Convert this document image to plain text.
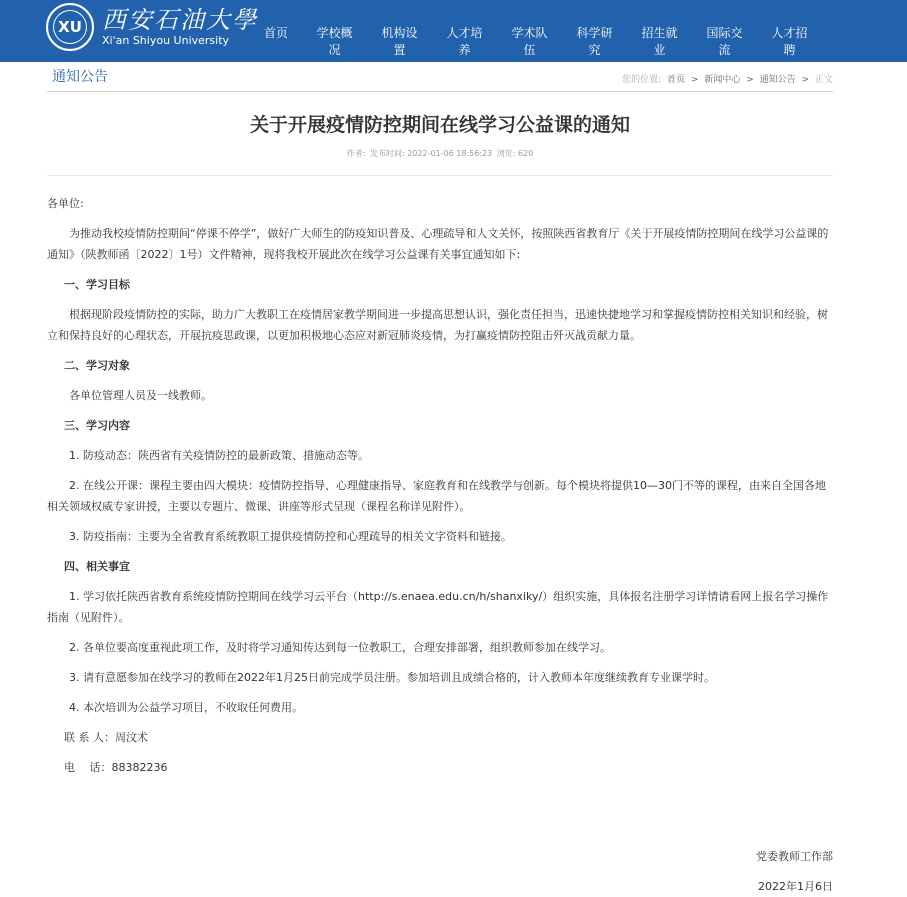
XU 西安石油大學
Xi'an Shiyou University
首页	学校概况
机构设置
人才培养
学术队伍
科学研究
招生就业
国际交流
人才招聘
通知公告	您的位置: 首页 > 新闻中心 > 通知公告 > 正文
关于开展疫情防控期间在线学习公益课的通知
作者: 发布时间: 2022-01-06 18:56:23 浏览: 620

各单位:

为推动我校疫情防控期间“停课不停学”，做好广大师生的防疫知识普及、心理疏导和人文关怀，按照陕西省教育厅《关于开展疫情防控期间在线学习公益课的通知》（陕教师函〔2022〕1号）文件精神，现将我校开展此次在线学习公益课有关事宜通知如下:

一、学习目标

根据现阶段疫情防控的实际，助力广大教职工在疫情居家教学期间进一步提高思想认识，强化责任担当，迅速快捷地学习和掌握疫情防控相关知识和经验，树立和保持良好的心理状态，开展抗疫思政课，以更加积极地心态应对新冠肺炎疫情，为打赢疫情防控阻击歼灭战贡献力量。

二、学习对象

各单位管理人员及一线教师。

三、学习内容

1. 防疫动态：陕西省有关疫情防控的最新政策、措施动态等。

2. 在线公开课：课程主要由四大模块：疫情防控指导、心理健康指导、家庭教育和在线教学与创新。每个模块将提供10—30门不等的课程，由来自全国各地相关领域权威专家讲授，主要以专题片、微课、讲座等形式呈现（课程名称详见附件）。

3. 防疫指南：主要为全省教育系统教职工提供疫情防控和心理疏导的相关文字资料和链接。

四、相关事宜

1. 学习依托陕西省教育系统疫情防控期间在线学习云平台（http://s.enaea.edu.cn/h/shanxiky/）组织实施，具体报名注册学习详情请看网上报名学习操作指南（见附件）。

2. 各单位要高度重视此项工作，及时将学习通知传达到每一位教职工，合理安排部署，组织教师参加在线学习。

3. 请有意愿参加在线学习的教师在2022年1月25日前完成学员注册。参加培训且成绩合格的，计入教师本年度继续教育专业课学时。

4. 本次培训为公益学习项目，不收取任何费用。

联 系 人：周汶术

电　 话：88382236

党委教师工作部

2022年1月6日
